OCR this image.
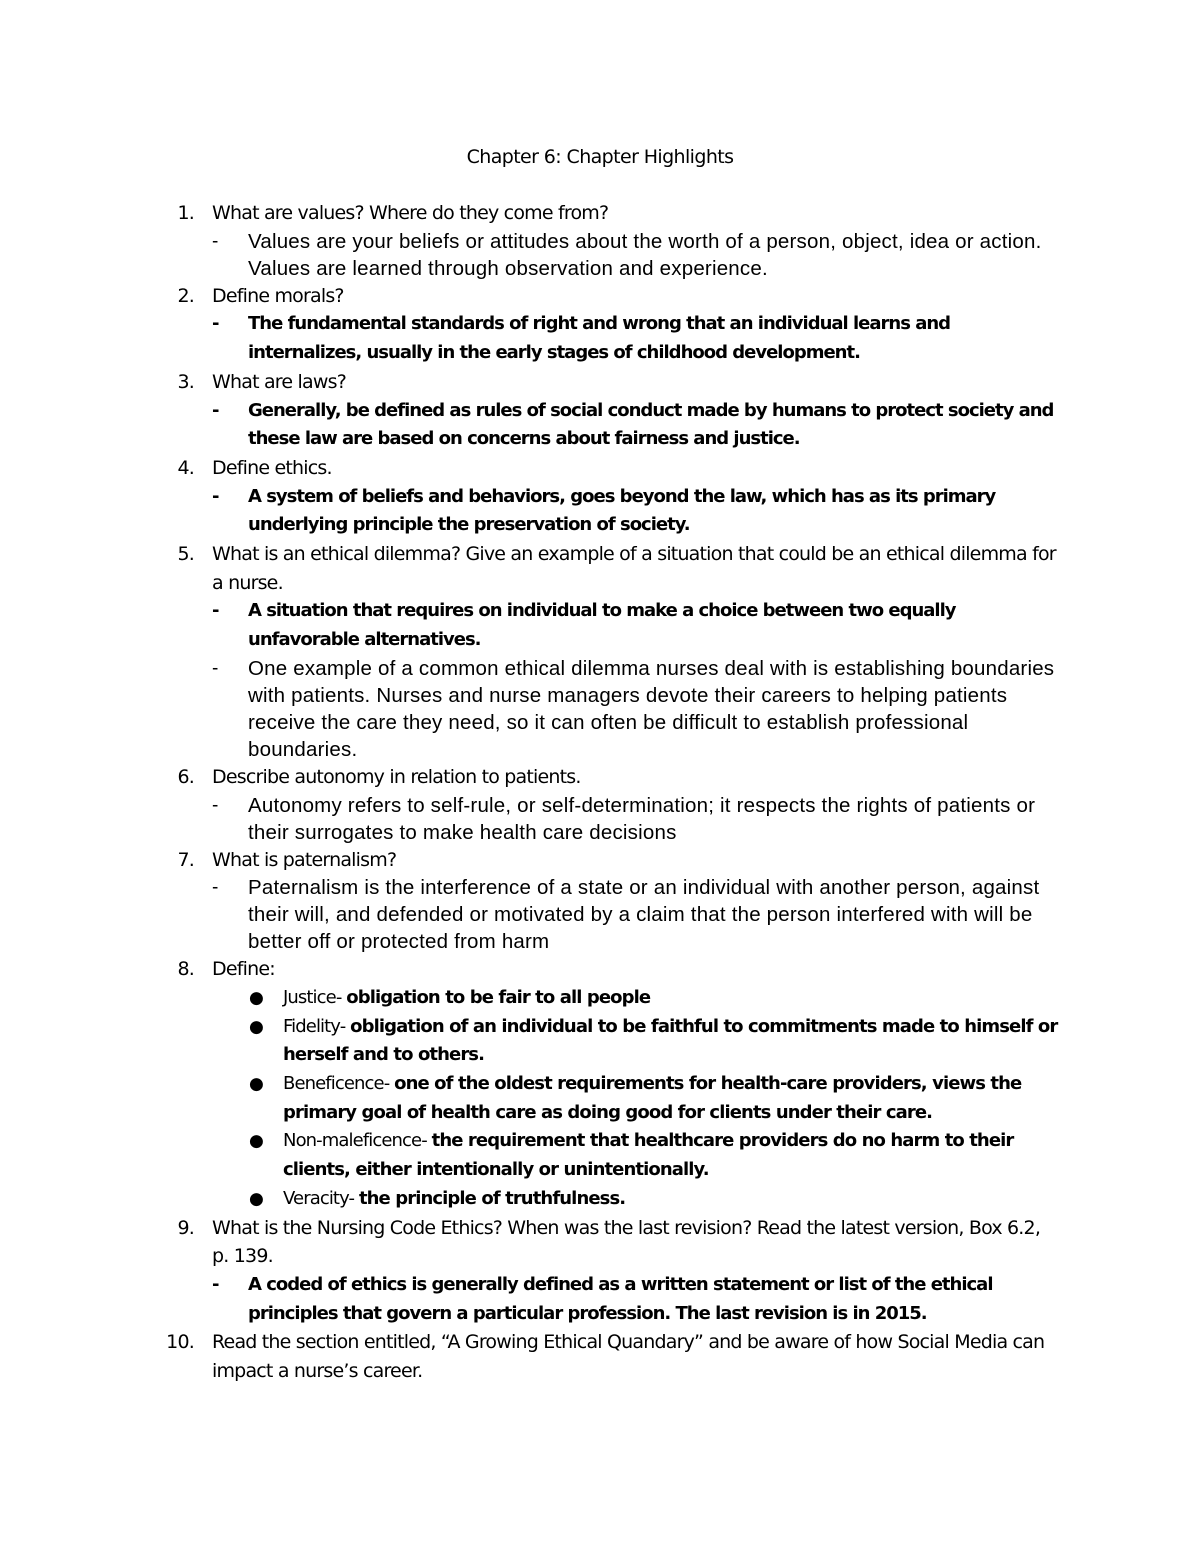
Chapter 6: Chapter Highlights
1. What are values? Where do they come from?
- Values are your beliefs or attitudes about the worth of a person, object, idea or action. Values are learned through observation and experience.
2. Define morals?
- The fundamental standards of right and wrong that an individual learns and internalizes, usually in the early stages of childhood development.
3. What are laws?
- Generally, be defined as rules of social conduct made by humans to protect society and these law are based on concerns about fairness and justice.
4. Define ethics.
- A system of beliefs and behaviors, goes beyond the law, which has as its primary underlying principle the preservation of society.
5. What is an ethical dilemma? Give an example of a situation that could be an ethical dilemma for a nurse.
- A situation that requires on individual to make a choice between two equally unfavorable alternatives.
- One example of a common ethical dilemma nurses deal with is establishing boundaries with patients. Nurses and nurse managers devote their careers to helping patients receive the care they need, so it can often be difficult to establish professional boundaries.
6. Describe autonomy in relation to patients.
- Autonomy refers to self-rule, or self-determination; it respects the rights of patients or their surrogates to make health care decisions
7. What is paternalism?
- Paternalism is the interference of a state or an individual with another person, against their will, and defended or motivated by a claim that the person interfered with will be better off or protected from harm
8. Define:
● Justice- obligation to be fair to all people
● Fidelity- obligation of an individual to be faithful to commitments made to himself or herself and to others.
● Beneficence- one of the oldest requirements for health-care providers, views the primary goal of health care as doing good for clients under their care.
● Non-maleficence- the requirement that healthcare providers do no harm to their clients, either intentionally or unintentionally.
● Veracity- the principle of truthfulness.
9. What is the Nursing Code Ethics? When was the last revision? Read the latest version, Box 6.2, p. 139.
- A coded of ethics is generally defined as a written statement or list of the ethical principles that govern a particular profession. The last revision is in 2015.
10. Read the section entitled, “A Growing Ethical Quandary” and be aware of how Social Media can impact a nurse’s career.
